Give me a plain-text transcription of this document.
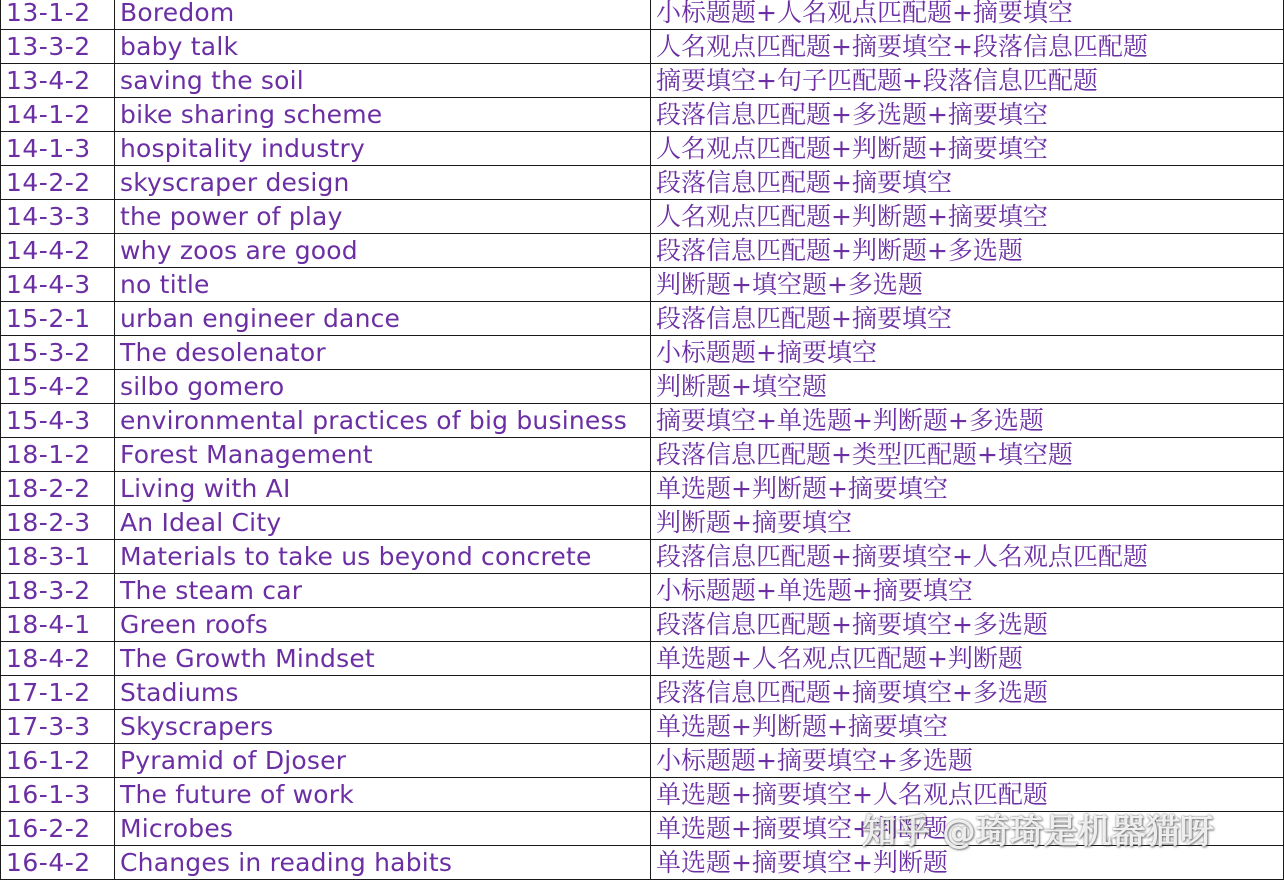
13-1-2	Boredom	小标题题+人名观点匹配题+摘要填空
13-3-2	baby talk	人名观点匹配题+摘要填空+段落信息匹配题
13-4-2	saving the soil	摘要填空+句子匹配题+段落信息匹配题
14-1-2	bike sharing scheme	段落信息匹配题+多选题+摘要填空
14-1-3	hospitality industry	人名观点匹配题+判断题+摘要填空
14-2-2	skyscraper design	段落信息匹配题+摘要填空
14-3-3	the power of play	人名观点匹配题+判断题+摘要填空
14-4-2	why zoos are good	段落信息匹配题+判断题+多选题
14-4-3	no title	判断题+填空题+多选题
15-2-1	urban engineer dance	段落信息匹配题+摘要填空
15-3-2	The desolenator	小标题题+摘要填空
15-4-2	silbo gomero	判断题+填空题
15-4-3	environmental practices of big business	摘要填空+单选题+判断题+多选题
18-1-2	Forest Management	段落信息匹配题+类型匹配题+填空题
18-2-2	Living with AI	单选题+判断题+摘要填空
18-2-3	An Ideal City	判断题+摘要填空
18-3-1	Materials to take us beyond concrete	段落信息匹配题+摘要填空+人名观点匹配题
18-3-2	The steam car	小标题题+单选题+摘要填空
18-4-1	Green roofs	段落信息匹配题+摘要填空+多选题
18-4-2	The Growth Mindset	单选题+人名观点匹配题+判断题
17-1-2	Stadiums	段落信息匹配题+摘要填空+多选题
17-3-3	Skyscrapers	单选题+判断题+摘要填空
16-1-2	Pyramid of Djoser	小标题题+摘要填空+多选题
16-1-3	The future of work	单选题+摘要填空+人名观点匹配题
16-2-2	Microbes	单选题+摘要填空+判断题
16-4-2	Changes in reading habits	单选题+摘要填空+判断题
知乎 @琦琦是机器猫呀
